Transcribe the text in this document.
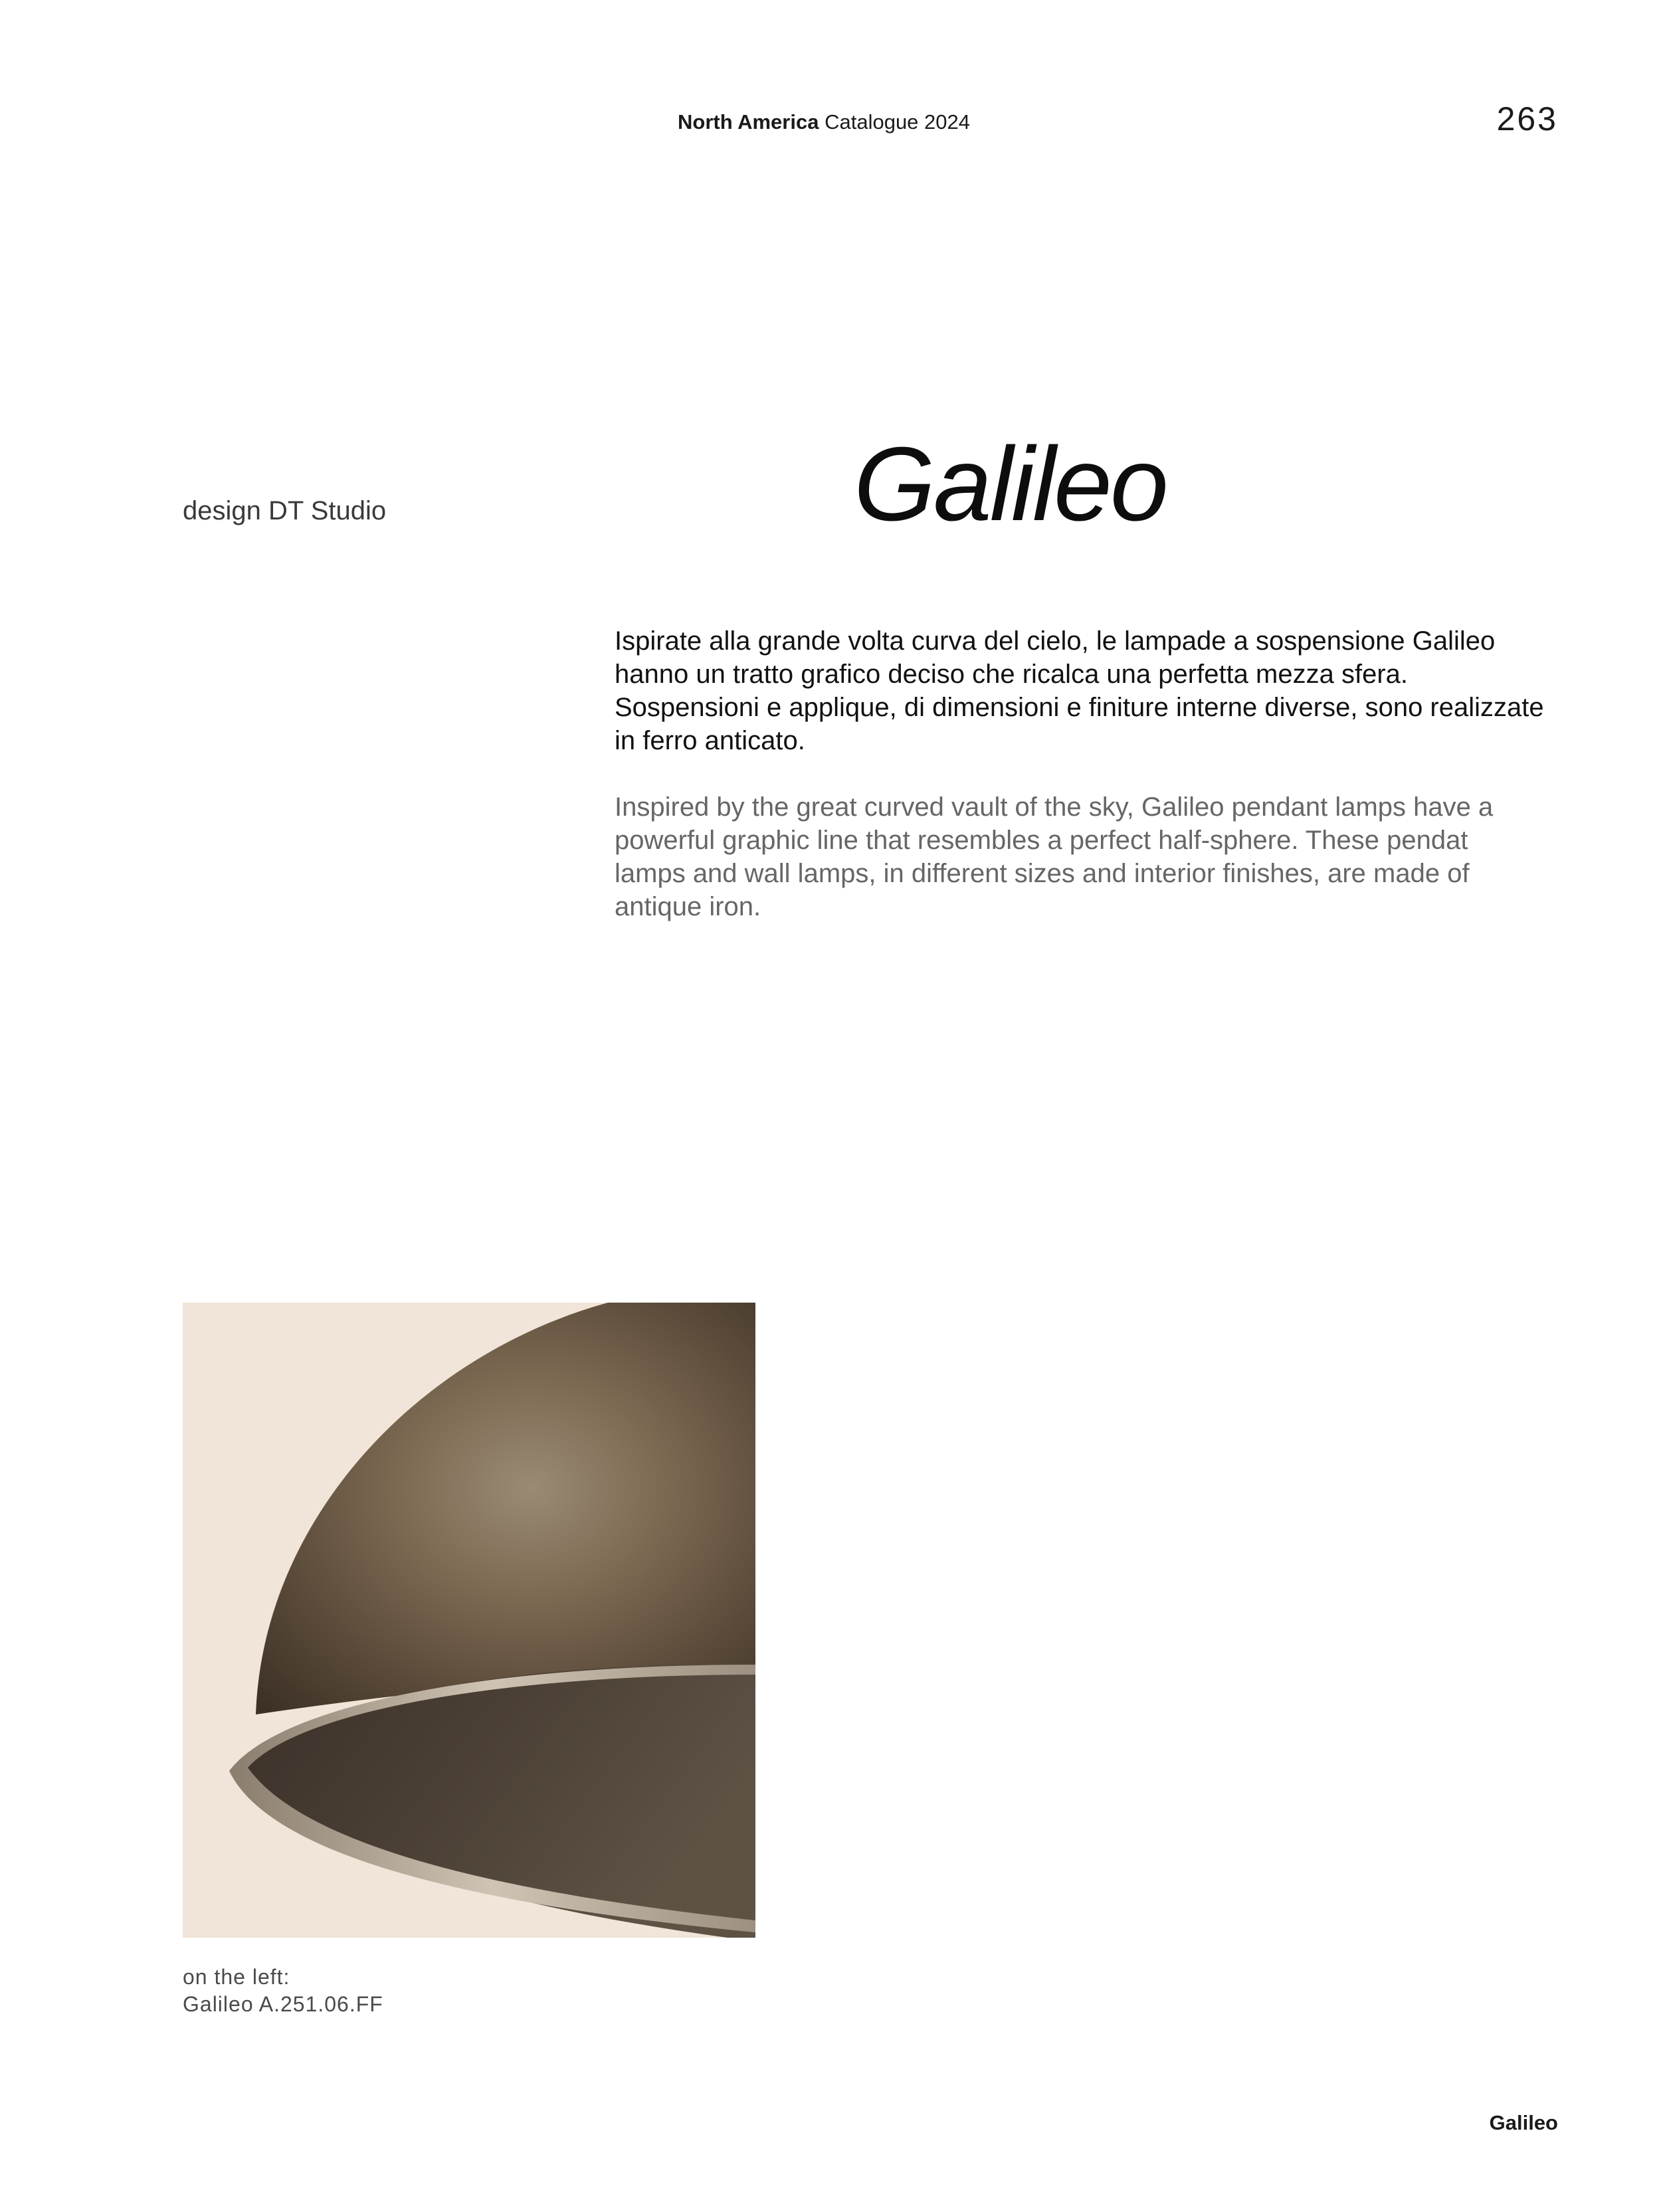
North America Catalogue 2024	263
design DT Studio	Galileo
Ispirate alla grande volta curva del cielo, le lampade a sospensione Galileo hanno un tratto grafico deciso che ricalca una perfetta mezza sfera. Sospensioni e applique, di dimensioni e finiture interne diverse, sono realizzate in ferro anticato.
Inspired by the great curved vault of the sky, Galileo pendant lamps have a powerful graphic line that resembles a perfect half-sphere. These pendat lamps and wall lamps, in different sizes and interior finishes, are made of antique iron.
on the left:
Galileo A.251.06.FF
Galileo
